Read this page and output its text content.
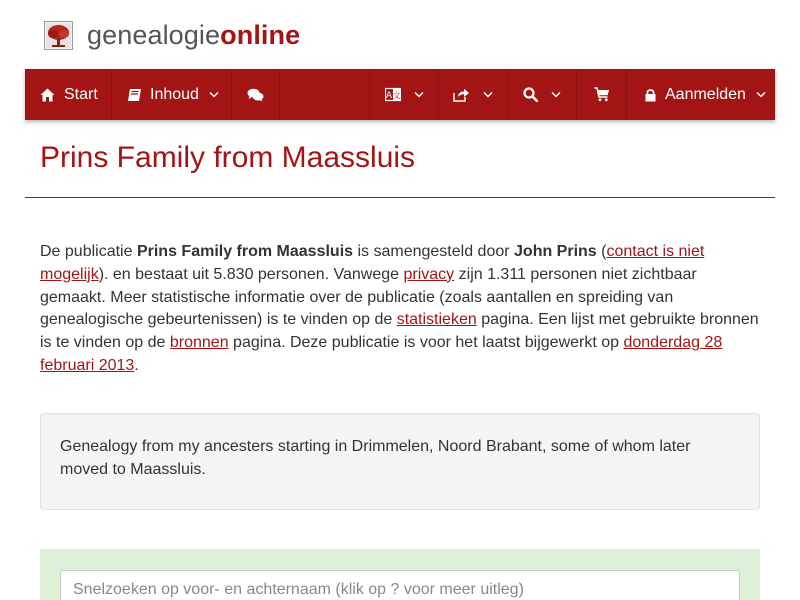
genealogieonline
Start	Inhoud	A 文	Aanmelden
Prins Family from Maassluis

De publicatie Prins Family from Maassluis is samengesteld door John Prins (contact is niet mogelijk). en bestaat uit 5.830 personen. Vanwege privacy zijn 1.311 personen niet zichtbaar gemaakt. Meer statistische informatie over de publicatie (zoals aantallen en spreiding van genealogische gebeurtenissen) is te vinden op de statistieken pagina. Een lijst met gebruikte bronnen is te vinden op de bronnen pagina. Deze publicatie is voor het laatst bijgewerkt op donderdag 28 februari 2013.

Genealogy from my ancesters starting in Drimmelen, Noord Brabant, some of whom later moved to Maassluis.
Snelzoeken op voor- en achternaam (klik op ? voor meer uitleg)
